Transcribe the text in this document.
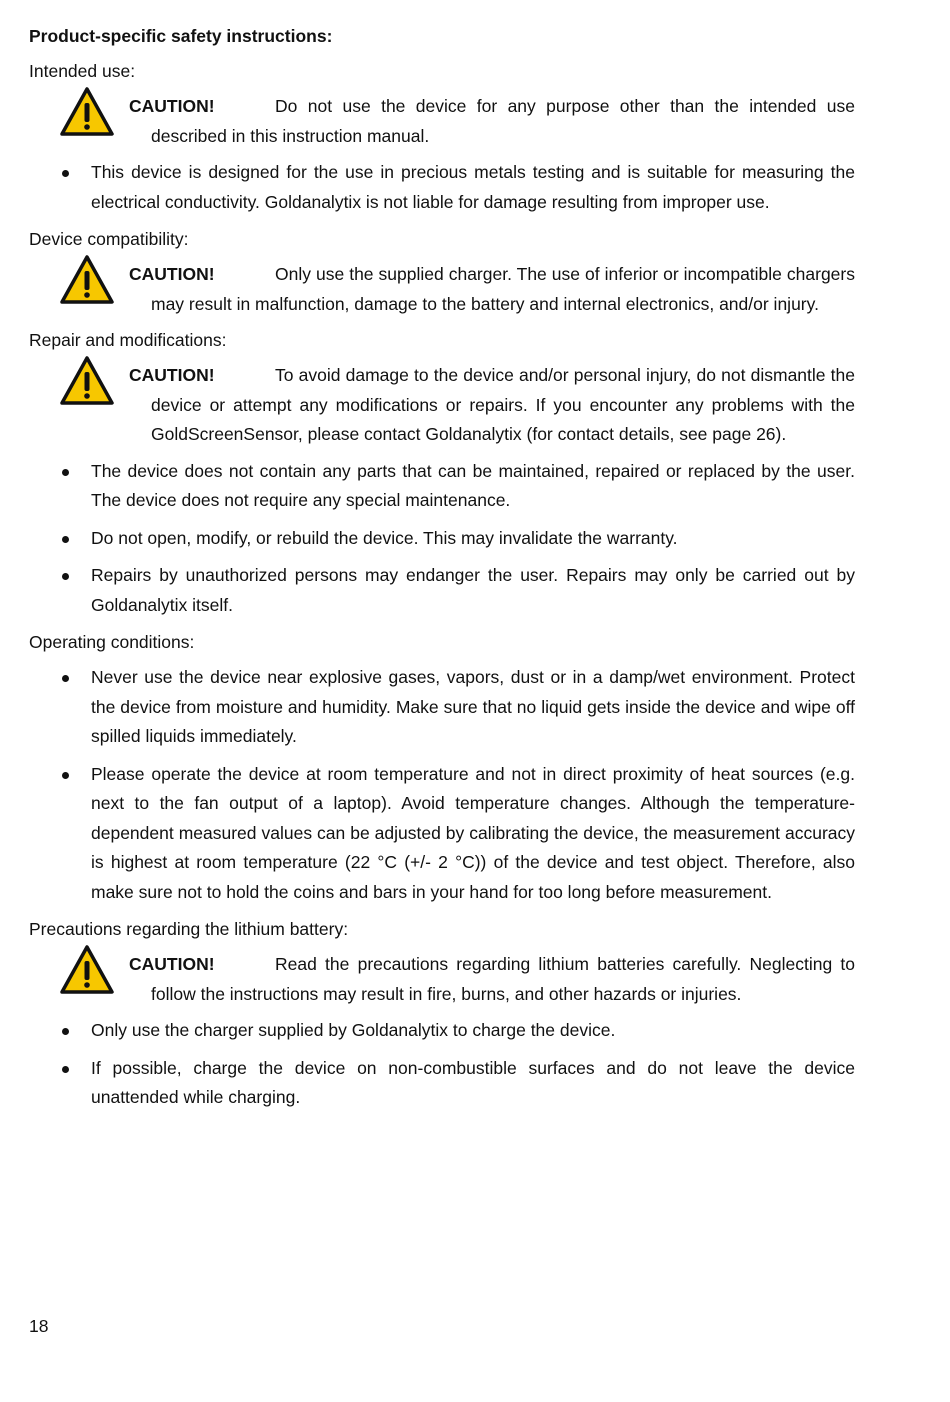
Product-specific safety instructions:
Intended use:
CAUTION!	Do not use the device for any purpose other than the intended use described in this instruction manual.
This device is designed for the use in precious metals testing and is suitable for measuring the electrical conductivity. Goldanalytix is not liable for damage resulting from improper use.
Device compatibility:
CAUTION!	Only use the supplied charger. The use of inferior or incompatible chargers may result in malfunction, damage to the battery and internal electronics, and/or injury.
Repair and modifications:
CAUTION!	To avoid damage to the device and/or personal injury, do not dismantle the device or attempt any modifications or repairs. If you encounter any problems with the GoldScreenSensor, please contact Goldanalytix (for contact details, see page 26).
The device does not contain any parts that can be maintained, repaired or replaced by the user. The device does not require any special maintenance.
Do not open, modify, or rebuild the device. This may invalidate the warranty.
Repairs by unauthorized persons may endanger the user. Repairs may only be carried out by Goldanalytix itself.
Operating conditions:
Never use the device near explosive gases, vapors, dust or in a damp/wet environment. Protect the device from moisture and humidity. Make sure that no liquid gets inside the device and wipe off spilled liquids immediately.
Please operate the device at room temperature and not in direct proximity of heat sources (e.g. next to the fan output of a laptop). Avoid temperature changes. Although the temperature-dependent measured values can be adjusted by calibrating the device, the measurement accuracy is highest at room temperature (22 °C (+/- 2 °C)) of the device and test object. Therefore, also make sure not to hold the coins and bars in your hand for too long before measurement.
Precautions regarding the lithium battery:
CAUTION!	Read the precautions regarding lithium batteries carefully. Neglecting to follow the instructions may result in fire, burns, and other hazards or injuries.
Only use the charger supplied by Goldanalytix to charge the device.
If possible, charge the device on non-combustible surfaces and do not leave the device unattended while charging.
18
